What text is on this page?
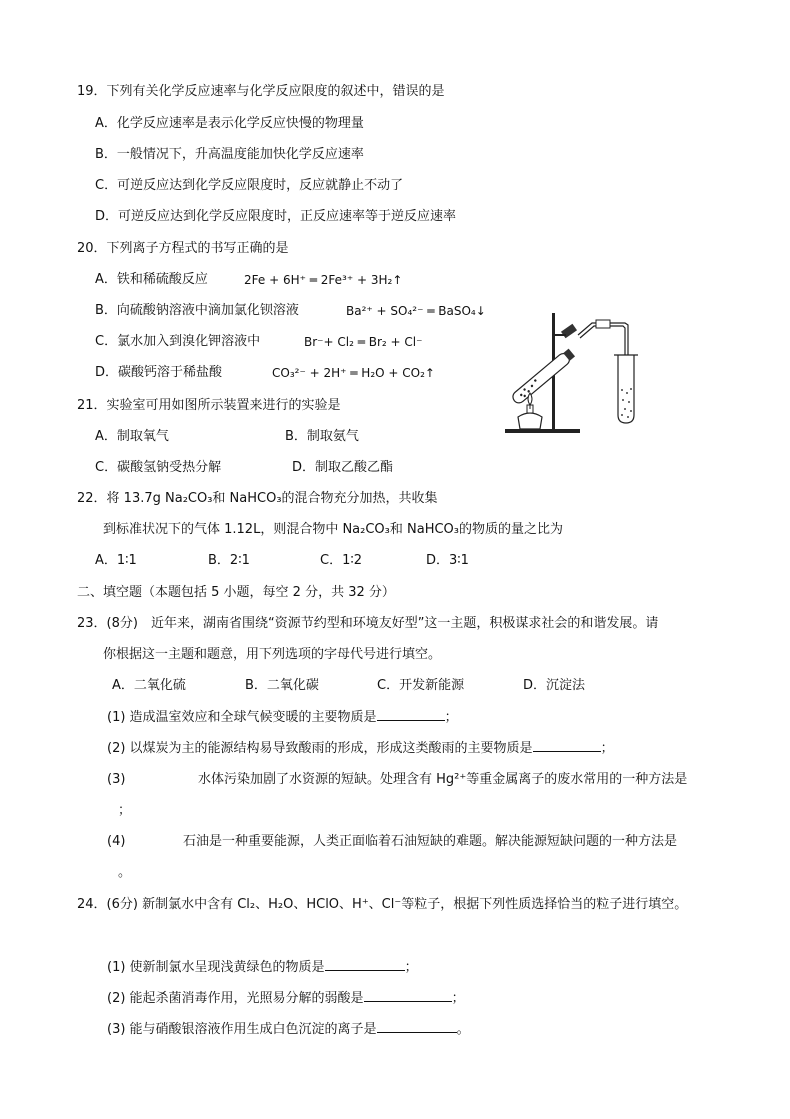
19．下列有关化学反应速率与化学反应限度的叙述中，错误的是
A．化学反应速率是表示化学反应快慢的物理量
B．一般情况下，升高温度能加快化学反应速率
C．可逆反应达到化学反应限度时，反应就静止不动了
D．可逆反应达到化学反应限度时，正反应速率等于逆反应速率
20．下列离子方程式的书写正确的是
A．铁和稀硫酸反应	2Fe + 6H⁺ ═ 2Fe³⁺ + 3H₂↑
B．向硫酸钠溶液中滴加氯化钡溶液	Ba²⁺ + SO₄²⁻ ═ BaSO₄↓
C．氯水加入到溴化钾溶液中	Br⁻+ Cl₂ ═ Br₂ + Cl⁻
D．碳酸钙溶于稀盐酸	CO₃²⁻ + 2H⁺ ═ H₂O + CO₂↑
21．实验室可用如图所示装置来进行的实验是
A．制取氧气	B．制取氨气
C．碳酸氢钠受热分解	D．制取乙酸乙酯
22．将 13.7g Na₂CO₃和 NaHCO₃的混合物充分加热，共收集
到标准状况下的气体 1.12L，则混合物中 Na₂CO₃和 NaHCO₃的物质的量之比为
A．1∶1	B．2∶1	C．1∶2	D．3∶1
二、填空题（本题包括 5 小题，每空 2 分，共 32 分）
23．(8分)　近年来，湖南省围绕“资源节约型和环境友好型”这一主题，积极谋求社会的和谐发展。请
你根据这一主题和题意，用下列选项的字母代号进行填空。
A．二氧化硫	B．二氧化碳	C．开发新能源	D．沉淀法
(1) 造成温室效应和全球气候变暖的主要物质是	；
(2) 以煤炭为主的能源结构易导致酸雨的形成，形成这类酸雨的主要物质是	；
(3)	水体污染加剧了水资源的短缺。处理含有 Hg²⁺等重金属离子的废水常用的一种方法是
；
(4)	石油是一种重要能源，人类正面临着石油短缺的难题。解决能源短缺问题的一种方法是
。
24．(6分) 新制氯水中含有 Cl₂、H₂O、HClO、H⁺、Cl⁻等粒子，根据下列性质选择恰当的粒子进行填空。
(1) 使新制氯水呈现浅黄绿色的物质是	；
(2) 能起杀菌消毒作用，光照易分解的弱酸是	；
(3) 能与硝酸银溶液作用生成白色沉淀的离子是	。
